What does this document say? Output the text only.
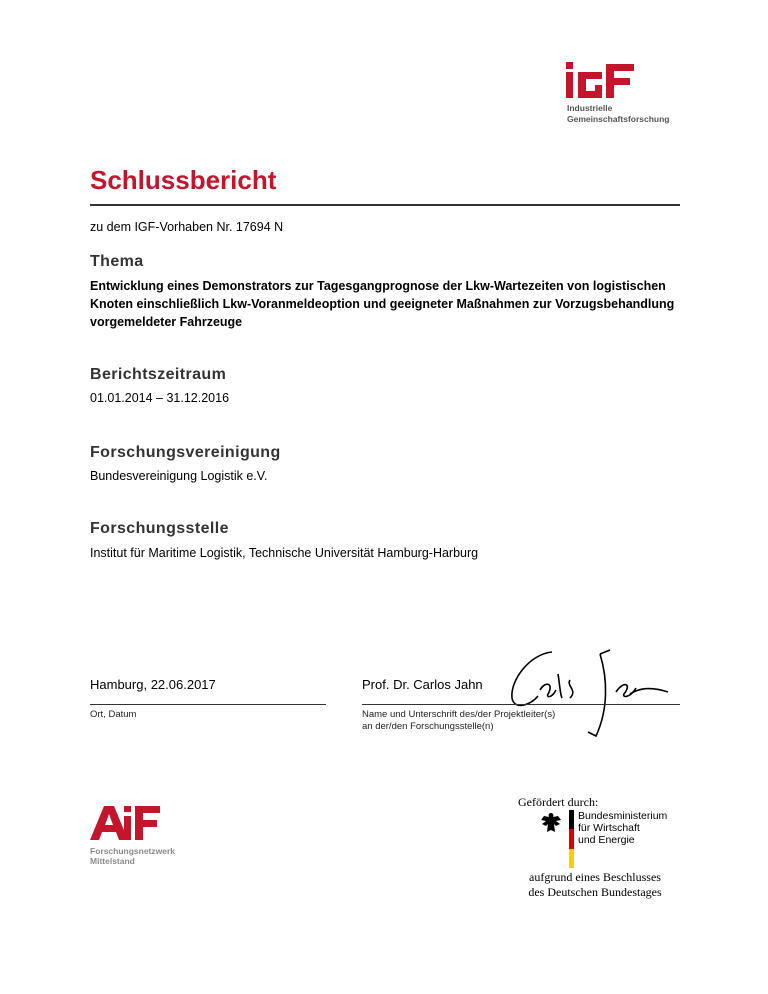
Industrielle
Gemeinschaftsforschung
Schlussbericht
zu dem IGF-Vorhaben Nr. 17694 N
Thema
Entwicklung eines Demonstrators zur Tagesgangprognose der Lkw-Wartezeiten von logistischen Knoten einschließlich Lkw-Voranmeldeoption und geeigneter Maßnahmen zur Vorzugsbehandlung vorgemeldeter Fahrzeuge
Berichtszeitraum
01.01.2014 – 31.12.2016
Forschungsvereinigung
Bundesvereinigung Logistik e.V.
Forschungsstelle
Institut für Maritime Logistik, Technische Universität Hamburg-Harburg
Hamburg, 22.06.2017	Prof. Dr. Carlos Jahn
Ort, Datum	Name und Unterschrift des/der Projektleiter(s)
an der/den Forschungsstelle(n)
Forschungsnetzwerk
Mittelstand
Gefördert durch:
Bundesministerium
für Wirtschaft
und Energie
aufgrund eines Beschlusses
des Deutschen Bundestages
